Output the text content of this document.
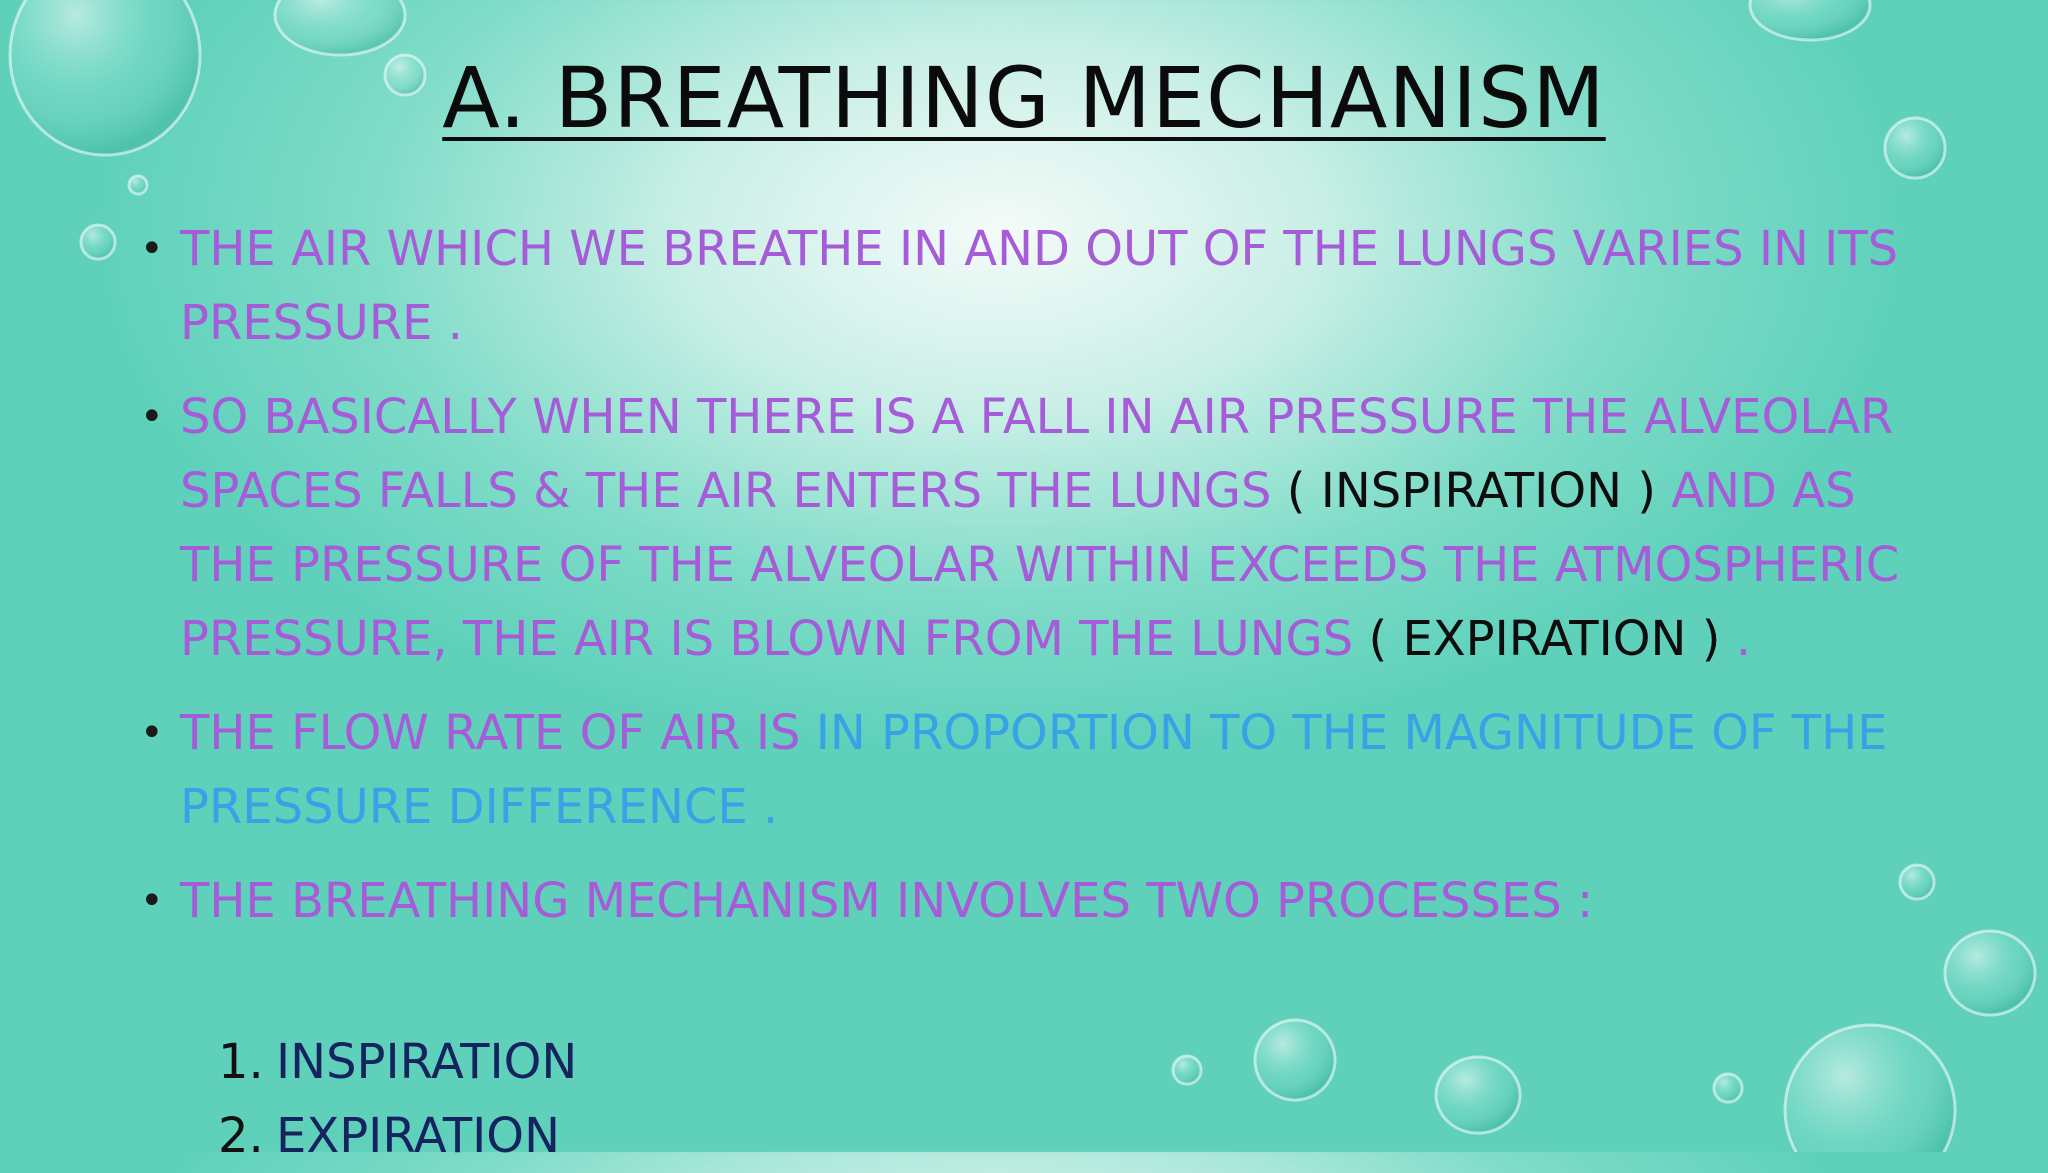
A. BREATHING MECHANISM
• THE AIR WHICH WE BREATHE IN AND OUT OF THE LUNGS VARIES IN ITS PRESSURE .
• SO BASICALLY WHEN THERE IS A FALL IN AIR PRESSURE THE ALVEOLAR SPACES FALLS & THE AIR ENTERS THE LUNGS ( INSPIRATION ) AND AS THE PRESSURE OF THE ALVEOLAR WITHIN EXCEEDS THE ATMOSPHERIC PRESSURE, THE AIR IS BLOWN FROM THE LUNGS ( EXPIRATION ) .
• THE FLOW RATE OF AIR IS IN PROPORTION TO THE MAGNITUDE OF THE PRESSURE DIFFERENCE .
• THE BREATHING MECHANISM INVOLVES TWO PROCESSES :
1. INSPIRATION
2. EXPIRATION
